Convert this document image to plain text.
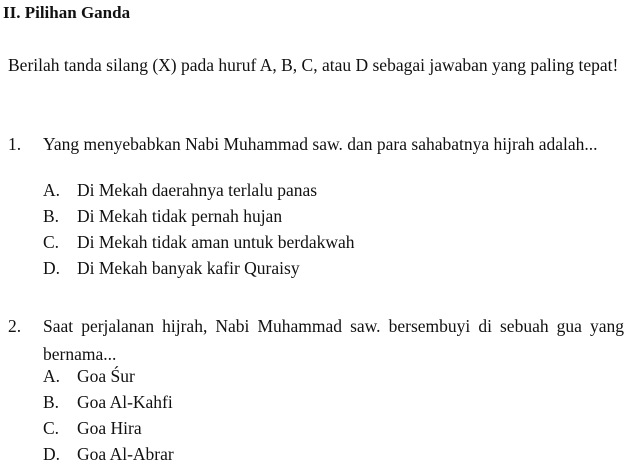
II. Pilihan Ganda
Berilah tanda silang (X) pada huruf A, B, C, atau D sebagai jawaban yang paling tepat!
1. Yang menyebabkan Nabi Muhammad saw. dan para sahabatnya hijrah adalah...
A. Di Mekah daerahnya terlalu panas
B. Di Mekah tidak pernah hujan
C. Di Mekah tidak aman untuk berdakwah
D. Di Mekah banyak kafir Quraisy
2. Saat perjalanan hijrah, Nabi Muhammad saw. bersembuyi di sebuah gua yang bernama...
A. Goa Śur
B. Goa Al-Kahfi
C. Goa Hira
D. Goa Al-Abrar
